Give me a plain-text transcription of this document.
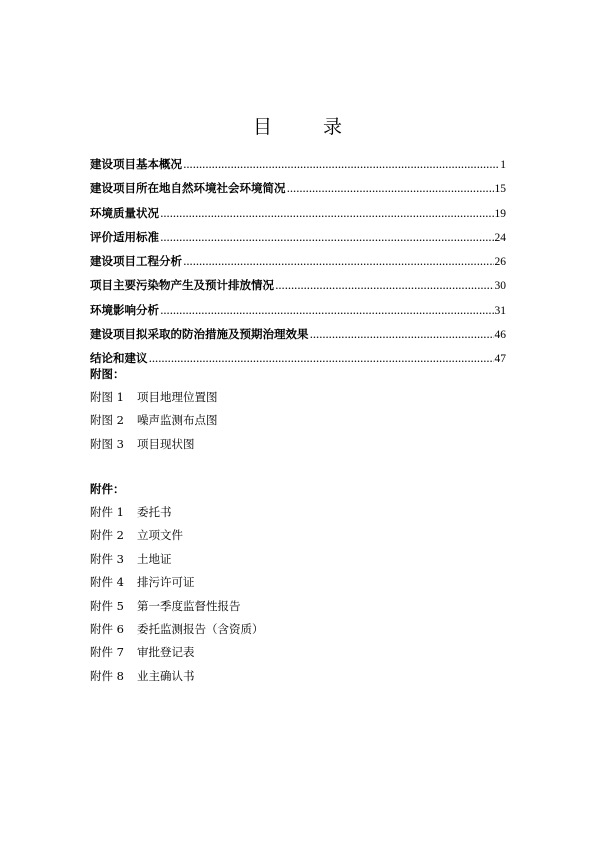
目　录
建设项目基本概况 .....	1
建设项目所在地自然环境社会环境简况 .....	15
环境质量状况 .....	19
评价适用标准 .....	24
建设项目工程分析 .....	26
项目主要污染物产生及预计排放情况 .....	30
环境影响分析 .....	31
建设项目拟采取的防治措施及预期治理效果 .....	46
结论和建议 .....	47
附图：
附图 1 项目地理位置图
附图 2 噪声监测布点图
附图 3 项目现状图
附件：
附件 1 委托书
附件 2 立项文件
附件 3 土地证
附件 4 排污许可证
附件 5 第一季度监督性报告
附件 6 委托监测报告（含资质）
附件 7 审批登记表
附件 8 业主确认书
